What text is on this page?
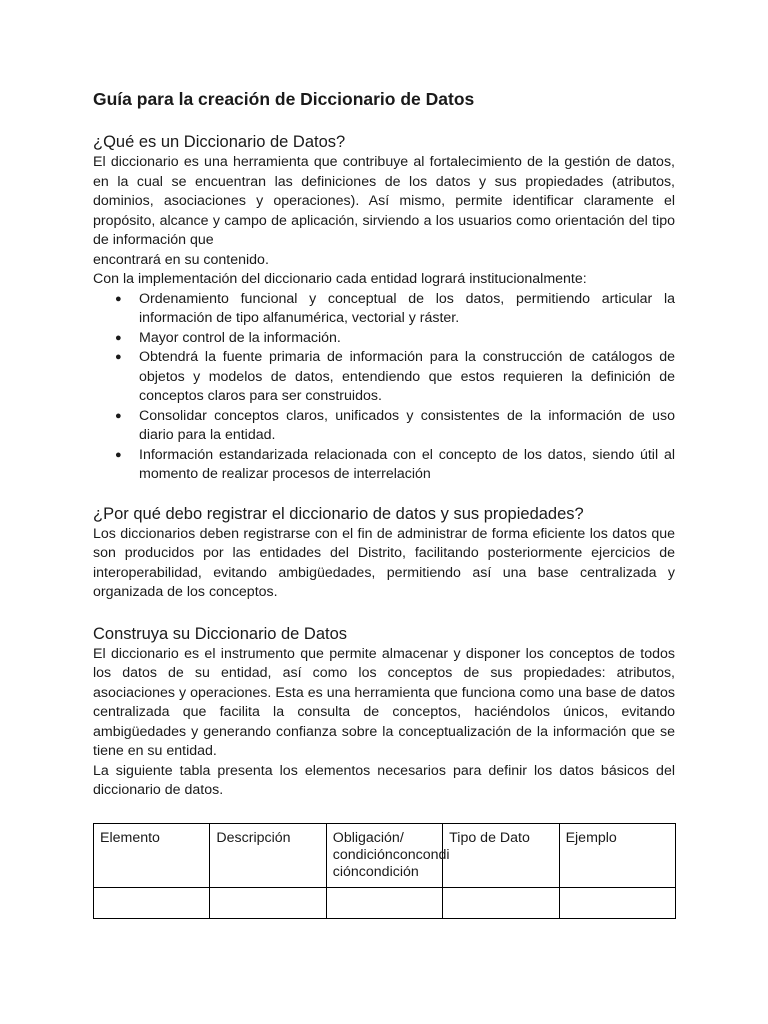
Guía para la creación de Diccionario de Datos
¿Qué es un Diccionario de Datos?

El diccionario es una herramienta que contribuye al fortalecimiento de la gestión de datos, en la cual se encuentran las definiciones de los datos y sus propiedades (atributos, dominios, asociaciones y operaciones). Así mismo, permite identificar claramente el propósito, alcance y campo de aplicación, sirviendo a los usuarios como orientación del tipo de información que

encontrará en su contenido.

Con la implementación del diccionario cada entidad logrará institucionalmente:

● Ordenamiento funcional y conceptual de los datos, permitiendo articular la información de tipo alfanumérica, vectorial y ráster.
● Mayor control de la información.
● Obtendrá la fuente primaria de información para la construcción de catálogos de objetos y modelos de datos, entendiendo que estos requieren la definición de conceptos claros para ser construidos.
● Consolidar conceptos claros, unificados y consistentes de la información de uso diario para la entidad.
● Información estandarizada relacionada con el concepto de los datos, siendo útil al momento de realizar procesos de interrelación
¿Por qué debo registrar el diccionario de datos y sus propiedades?

Los diccionarios deben registrarse con el fin de administrar de forma eficiente los datos que son producidos por las entidades del Distrito, facilitando posteriormente ejercicios de interoperabilidad, evitando ambigüedades, permitiendo así una base centralizada y organizada de los conceptos.

Construya su Diccionario de Datos

El diccionario es el instrumento que permite almacenar y disponer los conceptos de todos los datos de su entidad, así como los conceptos de sus propiedades: atributos, asociaciones y operaciones. Esta es una herramienta que funciona como una base de datos centralizada que facilita la consulta de conceptos, haciéndolos únicos, evitando ambigüedades y generando confianza sobre la conceptualización de la información que se tiene en su entidad.

La siguiente tabla presenta los elementos necesarios para definir los datos básicos del diccionario de datos.

Elemento	Descripción	Obligación/ condiciónconcondi cióncondición	Tipo de Dato	Ejemplo
